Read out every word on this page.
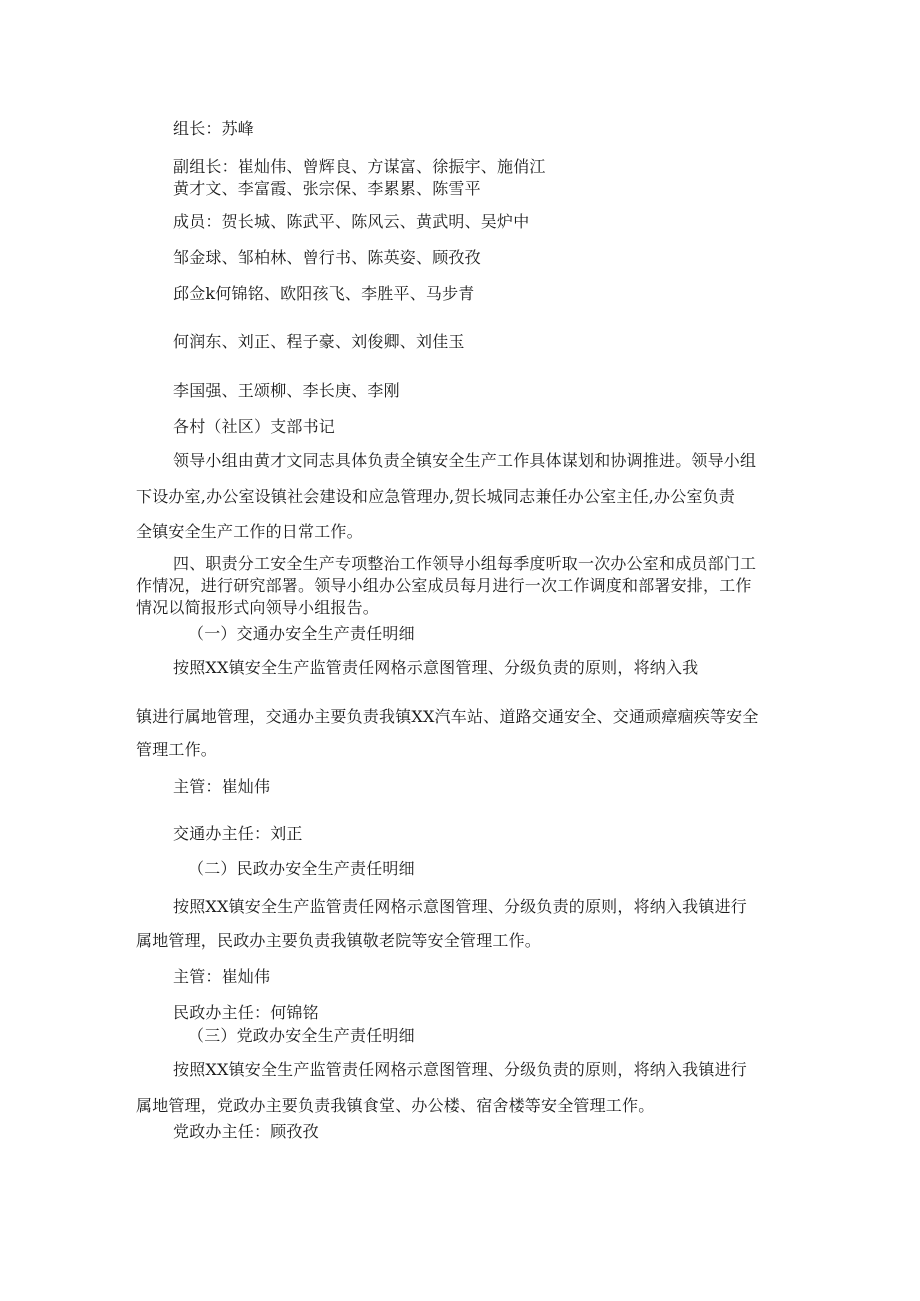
组长：苏峰
副组长：崔灿伟、曾辉良、方谋富、徐振宇、施俏江
黄才文、李富霞、张宗保、李累累、陈雪平
成员：贺长城、陈武平、陈风云、黄武明、吴炉中
邹金球、邹柏林、曾行书、陈英姿、顾孜孜
邱佥k何锦铭、欧阳孩飞、李胜平、马步青
何润东、刘正、程子豪、刘俊卿、刘佳玉
李国强、王颂柳、李长庚、李刚
各村（社区）支部书记
领导小组由黄才文同志具体负责全镇安全生产工作具体谋划和协调推进。领导小组
下设办室,办公室设镇社会建设和应急管理办,贺长城同志兼任办公室主任,办公室负责
全镇安全生产工作的日常工作。
四、职责分工安全生产专项整治工作领导小组每季度听取一次办公室和成员部门工
作情况，进行研究部署。领导小组办公室成员每月进行一次工作调度和部署安排，工作
情况以简报形式向领导小组报告。
（一）交通办安全生产责任明细
按照XX镇安全生产监管责任网格示意图管理、分级负责的原则，将纳入我
镇进行属地管理，交通办主要负责我镇XX汽车站、道路交通安全、交通顽瘴痼疾等安全
管理工作。
主管：崔灿伟
交通办主任：刘正
（二）民政办安全生产责任明细
按照XX镇安全生产监管责任网格示意图管理、分级负责的原则，将纳入我镇进行
属地管理，民政办主要负责我镇敬老院等安全管理工作。
主管：崔灿伟
民政办主任：何锦铭
（三）党政办安全生产责任明细
按照XX镇安全生产监管责任网格示意图管理、分级负责的原则，将纳入我镇进行
属地管理，党政办主要负责我镇食堂、办公楼、宿舍楼等安全管理工作。
党政办主任：顾孜孜
